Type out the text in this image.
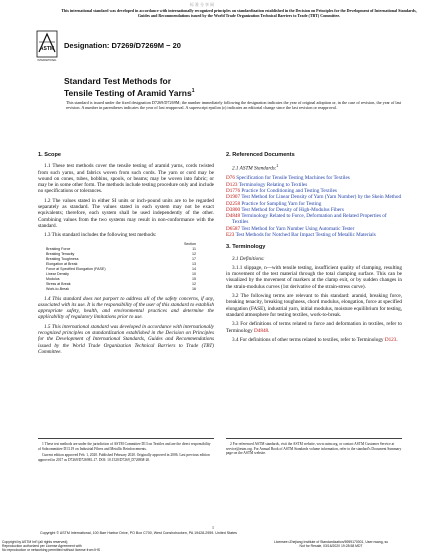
标准分享网
This international standard was developed in accordance with internationally recognized principles on standardization established in the Decision on Principles for the Development of International Standards, Guides and Recommendations issued by the World Trade Organization Technical Barriers to Trade (TBT) Committee.
ASTM
INTERNATIONAL
Designation: D7269/D7269M − 20
Standard Test Methods for
Tensile Testing of Aramid Yarns$^1$
This standard is issued under the fixed designation D7269/D7269M; the number immediately following the designation indicates the year of original adoption or, in the case of revision, the year of last revision. A number in parentheses indicates the year of last reapproval. A superscript epsilon (ε) indicates an editorial change since the last revision or reapproval.
1. Scope

1.1 These test methods cover the tensile testing of aramid yarns, cords twisted from such yarns, and fabrics woven from such cords. The yarn or cord may be wound on cones, tubes, bobbins, spools, or beams; may be woven into fabric; or may be in some other form. The methods include testing procedure only and include no specifications or tolerances.

1.2 The values stated in either SI units or inch-pound units are to be regarded separately as standard. The values stated in each system may not be exact equivalents; therefore, each system shall be used independently of the other. Combining values from the two systems may result in non-conformance with the standard.

1.3 This standard includes the following test methods:

Section
Breaking Force	11
Breaking Tenacity	12
Breaking Toughness	17
Elongation at Break	13
Force at Specified Elongation (FASE)	14
Linear Density	10
Modulus	15
Stress at Break	12
Work-to-Break	16

1.4 This standard does not purport to address all of the safety concerns, if any, associated with its use. It is the responsibility of the user of this standard to establish appropriate safety, health, and environmental practices and determine the applicability of regulatory limitations prior to use.

1.5 This international standard was developed in accordance with internationally recognized principles on standardization established in the Decision on Principles for the Development of International Standards, Guides and Recommendations issued by the World Trade Organization Technical Barriers to Trade (TBT) Committee.

2. Referenced Documents
2.1 ASTM Standards:$^2$
D76 Specification for Tensile Testing Machines for Textiles
D123 Terminology Relating to Textiles
D1776 Practice for Conditioning and Testing Textiles
D1907 Test Method for Linear Density of Yarn (Yarn Number) by the Skein Method
D2258 Practice for Sampling Yarn for Testing
D3800 Test Method for Density of High-Modulus Fibers
D4848 Terminology Related to Force, Deformation and Related Properties of Textiles
D6587 Test Method for Yarn Number Using Automatic Tester
E23 Test Methods for Notched Bar Impact Testing of Metallic Materials
3. Terminology

3.1 Definitions:

3.1.1 slippage, n—with tensile testing, insufficient quality of clamping, resulting in movement of the test material through the total clamping surface. This can be visualized by the movement of markers at the clamp exit, or by sudden changes in the strain-modulus curves (1st derivative of the strain-stress curve).

3.2 The following terms are relevant to this standard: aramid, breaking force, breaking tenacity, breaking toughness, chord modulus, elongation, force at specified elongation (FASE), industrial yarn, initial modulus, moisture equilibrium for testing, standard atmosphere for testing textiles, work-to-break.

3.3 For definitions of terms related to force and deformation in textiles, refer to Terminology D4848.

3.4 For definitions of other terms related to textiles, refer to Terminology D123.

1 These test methods are under the jurisdiction of ASTM Committee D13 on Textiles and are the direct responsibility of Subcommittee D13.19 on Industrial Fibers and Metallic Reinforcements.

Current edition approved Feb. 1, 2020. Published February 2020. Originally approved in 2006. Last previous edition approved in 2017 as D7269/D7269M–17. DOI: 10.1520/D7269_D7269M-20.

2 For referenced ASTM standards, visit the ASTM website, www.astm.org, or contact ASTM Customer Service at service@astm.org. For Annual Book of ASTM Standards volume information, refer to the standard's Document Summary page on the ASTM website.

1
Copyright © ASTM International, 100 Barr Harbor Drive, PO Box C700, West Conshohocken, PA 19428-2959. United States
Copyright by ASTM Int'l (all rights reserved);
Reproduction authorized per License Agreement with
No reproduction or networking permitted without license from IHS
Licensee=Zhejiang Institute of Standardization/5959170001, User=wang, su
Not for Resale, 03/16/2020 19:28:58 MDT
